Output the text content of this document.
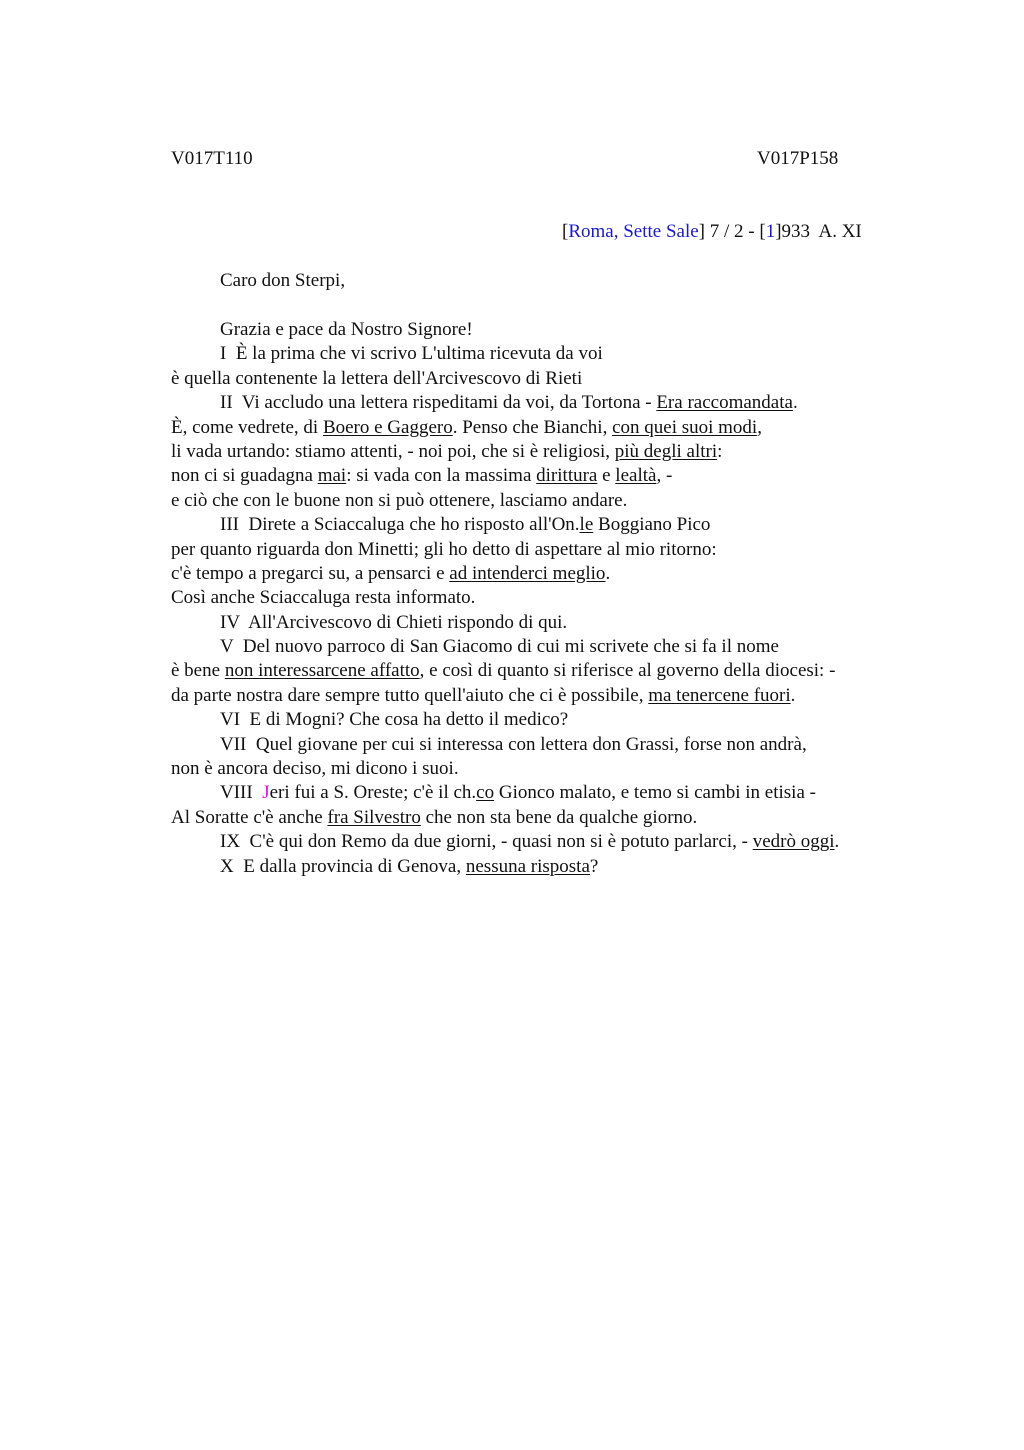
V017T110	V017P158
[Roma, Sette Sale] 7 / 2 - [1]933  A. XI
Caro don Sterpi,
Grazia e pace da Nostro Signore!
I  È la prima che vi scrivo L'ultima ricevuta da voi
è quella contenente la lettera dell'Arcivescovo di Rieti
II  Vi accludo una lettera rispeditami da voi, da Tortona - Era raccomandata.
È, come vedrete, di Boero e Gaggero. Penso che Bianchi, con quei suoi modi,
li vada urtando: stiamo attenti, - noi poi, che si è religiosi, più degli altri:
non ci si guadagna mai: si vada con la massima dirittura e lealtà, -
e ciò che con le buone non si può ottenere, lasciamo andare.
III  Direte a Sciaccaluga che ho risposto all'On.le Boggiano Pico
per quanto riguarda don Minetti; gli ho detto di aspettare al mio ritorno:
c'è tempo a pregarci su, a pensarci e ad intenderci meglio.
Così anche Sciaccaluga resta informato.
IV  All'Arcivescovo di Chieti rispondo di qui.
V  Del nuovo parroco di San Giacomo di cui mi scrivete che si fa il nome
è bene non interessarcene affatto, e così di quanto si riferisce al governo della diocesi: -
da parte nostra dare sempre tutto quell'aiuto che ci è possibile, ma tenercene fuori.
VI  E di Mogni? Che cosa ha detto il medico?
VII  Quel giovane per cui si interessa con lettera don Grassi, forse non andrà,
non è ancora deciso, mi dicono i suoi.
VIII  Jeri fui a S. Oreste; c'è il ch.co Gionco malato, e temo si cambi in etisia -
Al Soratte c'è anche fra Silvestro che non sta bene da qualche giorno.
IX  C'è qui don Remo da due giorni, - quasi non si è potuto parlarci, - vedrò oggi.
X  E dalla provincia di Genova, nessuna risposta?
